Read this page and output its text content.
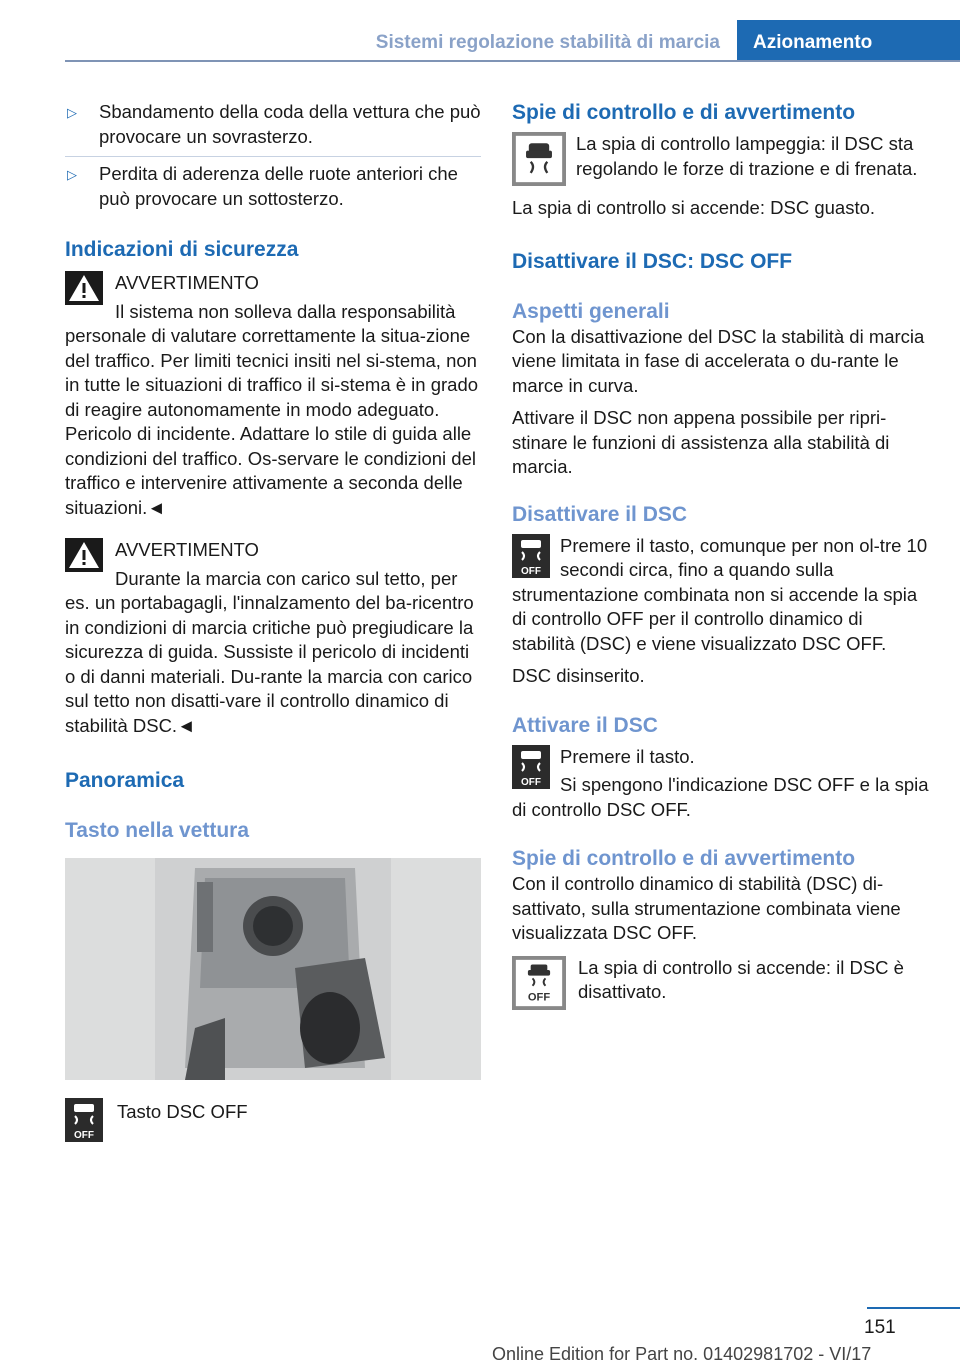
Sistemi regolazione stabilità di marcia	Azionamento

▷ Sbandamento della coda della vettura che può provocare un sovrasterzo.

▷ Perdita di aderenza delle ruote anteriori che può provocare un sottosterzo.

Indicazioni di sicurezza

AVVERTIMENTO

Il sistema non solleva dalla responsabilità personale di valutare correttamente la situa-zione del traffico. Per limiti tecnici insiti nel si-stema, non in tutte le situazioni di traffico il si-stema è in grado di reagire autonomamente in modo adeguato. Pericolo di incidente. Adattare lo stile di guida alle condizioni del traffico. Os-servare le condizioni del traffico e intervenire attivamente a seconda delle situazioni.◄

AVVERTIMENTO

Durante la marcia con carico sul tetto, per es. un portabagagli, l'innalzamento del ba-ricentro in condizioni di marcia critiche può pregiudicare la sicurezza di guida. Sussiste il pericolo di incidenti o di danni materiali. Du-rante la marcia con carico sul tetto non disatti-vare il controllo dinamico di stabilità DSC.◄

Panoramica
Tasto nella vettura
OFF

Tasto DSC OFF

Spie di controllo e di avvertimento

La spia di controllo lampeggia: il DSC sta regolando le forze di trazione e di frenata.

La spia di controllo si accende: DSC guasto.

Disattivare il DSC: DSC OFF
Aspetti generali

Con la disattivazione del DSC la stabilità di marcia viene limitata in fase di accelerata o du-rante le marce in curva.

Attivare il DSC non appena possibile per ripri-stinare le funzioni di assistenza alla stabilità di marcia.

Disattivare il DSC
OFF

Premere il tasto, comunque per non ol-tre 10 secondi circa, fino a quando sulla strumentazione combinata non si accende la spia di controllo OFF per il controllo dinamico di stabilità (DSC) e viene visualizzato DSC OFF.

DSC disinserito.

Attivare il DSC
OFF

Premere il tasto.

Si spengono l'indicazione DSC OFF e la spia di controllo DSC OFF.

Spie di controllo e di avvertimento

Con il controllo dinamico di stabilità (DSC) di-sattivato, sulla strumentazione combinata viene visualizzata DSC OFF.

OFF

La spia di controllo si accende: il DSC è disattivato.

151
Online Edition for Part no. 01402981702 - VI/17
